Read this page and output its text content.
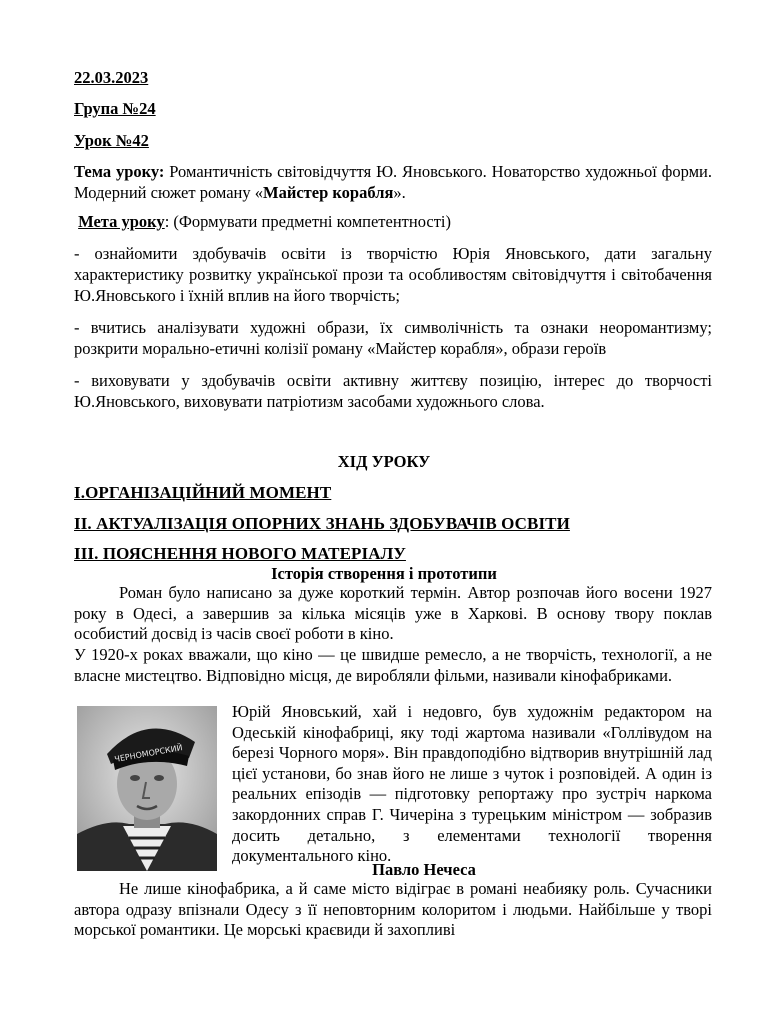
22.03.2023
Група №24
Урок №42
Тема уроку: Романтичність світовідчуття Ю. Яновського. Новаторство художньої форми. Модерний сюжет роману «Майстер корабля».
Мета уроку: (Формувати предметні компетентності)
- ознайомити здобувачів освіти із творчістю Юрія Яновського, дати загальну характеристику розвитку української прози та особливостям світовідчуття і світобачення Ю.Яновського і їхній вплив на його творчість;
- вчитись аналізувати художні образи, їх символічність та ознаки неоромантизму; розкрити морально-етичні колізії роману «Майстер корабля», образи героїв
- виховувати у здобувачів освіти активну життєву позицію, інтерес до творчості Ю.Яновського, виховувати патріотизм засобами художнього слова.
ХІД УРОКУ
І.ОРГАНІЗАЦІЙНИЙ МОМЕНТ
ІІ. АКТУАЛІЗАЦІЯ ОПОРНИХ ЗНАНЬ ЗДОБУВАЧІВ ОСВІТИ
ІІІ. ПОЯСНЕННЯ НОВОГО МАТЕРІАЛУ
Історія створення і прототипи
Роман було написано за дуже короткий термін. Автор розпочав його восени 1927 року в Одесі, а завершив за кілька місяців уже в Харкові. В основу твору поклав особистий досвід із часів своєї роботи в кіно.
У 1920-х роках вважали, що кіно — це швидше ремесло, а не творчість, технології, а не власне мистецтво. Відповідно місця, де виробляли фільми, називали кінофабриками.
ЧЕРНОМОРСКИЙ
Юрій Яновський, хай і недовго, був художнім редактором на Одеській кінофабриці, яку тоді жартома називали «Голлівудом на березі Чорного моря». Він правдоподібно відтворив внутрішній лад цієї установи, бо знав його не лише з чуток і розповідей. А один із реальних епізодів — підготовку репортажу про зустріч наркома закордонних справ Г. Чичеріна з турецьким міністром — зобразив досить детально, з елементами технології творення документального кіно.
Павло Нечеса
Не лише кінофабрика, а й саме місто відіграє в романі неабияку роль. Сучасники автора одразу впізнали Одесу з її неповторним колоритом і людьми. Найбільше у творі морської романтики. Це морські краєвиди й захопливі
